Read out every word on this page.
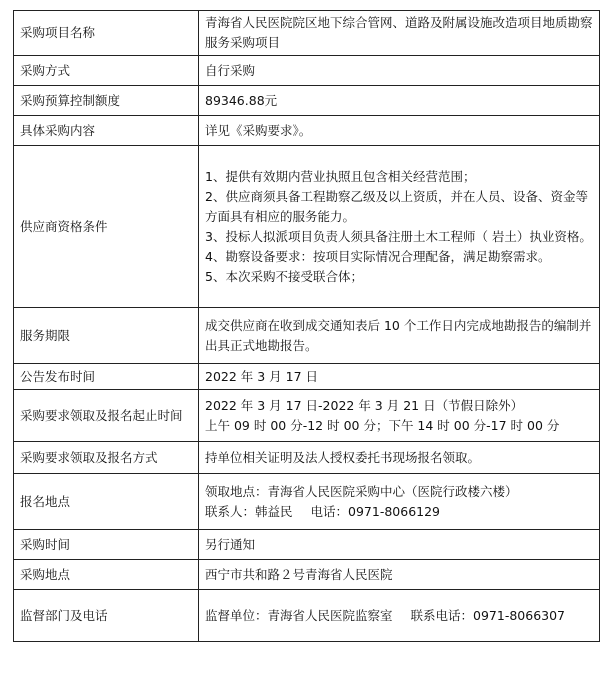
采购项目名称	青海省人民医院院区地下综合管网、道路及附属设施改造项目地质勘察服务采购项目

采购方式	自行采购
采购预算控制额度	89346.88元
具体采购内容	详见《采购要求》。
供应商资格条件	1、提供有效期内营业执照且包含相关经营范围；
2、供应商须具备工程勘察乙级及以上资质，并在人员、设备、资金等方面具有相应的服务能力。
3、投标人拟派项目负责人须具备注册土木工程师（ 岩土）执业资格。
4、勘察设备要求：按项目实际情况合理配备，满足勘察需求。
5、本次采购不接受联合体；

服务期限	成交供应商在收到成交通知表后 10 个工作日内完成地勘报告的编制并出具正式地勘报告。

公告发布时间	2022 年 3 月 17 日
采购要求领取及报名起止时间	2022 年 3 月 17 日-2022 年 3 月 21 日（节假日除外）
上午 09 时 00 分-12 时 00 分；下午 14 时 00 分-17 时 00 分

采购要求领取及报名方式	持单位相关证明及法人授权委托书现场报名领取。
报名地点	领取地点：青海省人民医院采购中心（医院行政楼六楼）
联系人：韩益民 电话：0971-8066129

采购时间	另行通知
采购地点	西宁市共和路２号青海省人民医院
监督部门及电话	监督单位：青海省人民医院监察室 联系电话：0971-8066307
